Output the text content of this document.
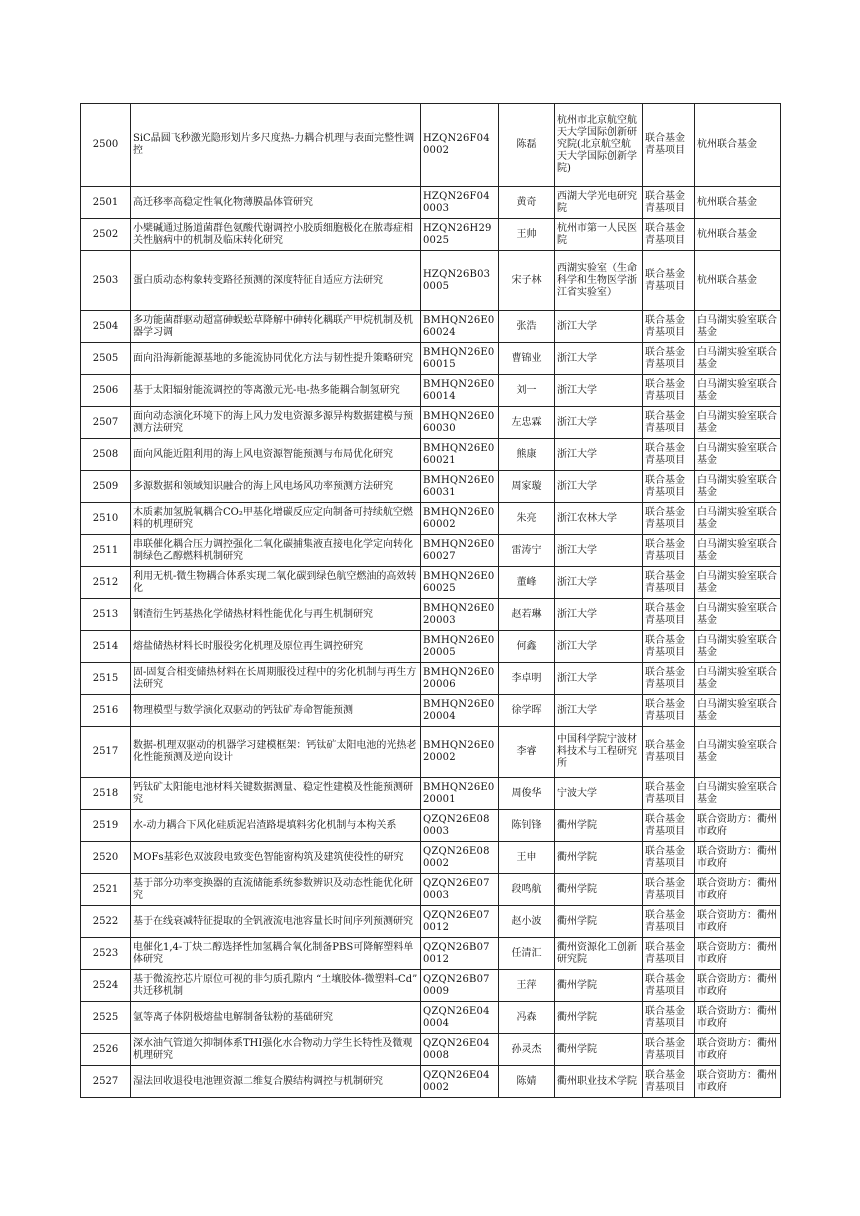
2500	SiC晶圆飞秒激光隐形划片多尺度热-力耦合机理与表面完整性调控	HZQN26F040002	陈磊	杭州市北京航空航天大学国际创新研究院(北京航空航天大学国际创新学院)	联合基金青基项目	杭州联合基金
2501	高迁移率高稳定性氧化物薄膜晶体管研究	HZQN26F040003	黄奇	西湖大学光电研究院	联合基金青基项目	杭州联合基金
2502	小檗碱通过肠道菌群色氨酸代谢调控小胶质细胞极化在脓毒症相关性脑病中的机制及临床转化研究	HZQN26H290025	王帅	杭州市第一人民医院	联合基金青基项目	杭州联合基金
2503	蛋白质动态构象转变路径预测的深度特征自适应方法研究	HZQN26B030005	宋子林	西湖实验室（生命科学和生物医学浙江省实验室）	联合基金青基项目	杭州联合基金
2504	多功能菌群驱动超富砷蜈蚣草降解中砷转化耦联产甲烷机制及机器学习调	BMHQN26E060024	张浩	浙江大学	联合基金青基项目	白马湖实验室联合基金
2505	面向沿海新能源基地的多能流协同优化方法与韧性提升策略研究	BMHQN26E060015	曹锦业	浙江大学	联合基金青基项目	白马湖实验室联合基金
2506	基于太阳辐射能流调控的等离激元光-电-热多能耦合制氢研究	BMHQN26E060014	刘一	浙江大学	联合基金青基项目	白马湖实验室联合基金
2507	面向动态演化环境下的海上风力发电资源多源异构数据建模与预测方法研究	BMHQN26E060030	左忠霖	浙江大学	联合基金青基项目	白马湖实验室联合基金
2508	面向风能近阻利用的海上风电资源智能预测与布局优化研究	BMHQN26E060021	熊康	浙江大学	联合基金青基项目	白马湖实验室联合基金
2509	多源数据和领域知识融合的海上风电场风功率预测方法研究	BMHQN26E060031	周家璇	浙江大学	联合基金青基项目	白马湖实验室联合基金
2510	木质素加氢脱氧耦合CO₂甲基化增碳反应定向制备可持续航空燃料的机理研究	BMHQN26E060002	朱亮	浙江农林大学	联合基金青基项目	白马湖实验室联合基金
2511	串联催化耦合压力调控强化二氧化碳捕集液直接电化学定向转化制绿色乙醇燃料机制研究	BMHQN26E060027	雷涛宁	浙江大学	联合基金青基项目	白马湖实验室联合基金
2512	利用无机-微生物耦合体系实现二氧化碳到绿色航空燃油的高效转化	BMHQN26E060025	董峰	浙江大学	联合基金青基项目	白马湖实验室联合基金
2513	钢渣衍生钙基热化学储热材料性能优化与再生机制研究	BMHQN26E020003	赵若琳	浙江大学	联合基金青基项目	白马湖实验室联合基金
2514	熔盐储热材料长时服役劣化机理及原位再生调控研究	BMHQN26E020005	何鑫	浙江大学	联合基金青基项目	白马湖实验室联合基金
2515	固-固复合相变储热材料在长周期服役过程中的劣化机制与再生方法研究	BMHQN26E020006	李卓明	浙江大学	联合基金青基项目	白马湖实验室联合基金
2516	物理模型与数学演化双驱动的钙钛矿寿命智能预测	BMHQN26E020004	徐学晖	浙江大学	联合基金青基项目	白马湖实验室联合基金
2517	数据-机理双驱动的机器学习建模框架：钙钛矿太阳电池的光热老化性能预测及逆向设计	BMHQN26E020002	李睿	中国科学院宁波材料技术与工程研究所	联合基金青基项目	白马湖实验室联合基金
2518	钙钛矿太阳能电池材料关键数据测量、稳定性建模及性能预测研究	BMHQN26E020001	周俊华	宁波大学	联合基金青基项目	白马湖实验室联合基金
2519	水-动力耦合下风化硅质泥岩渣路堤填料劣化机制与本构关系	QZQN26E080003	陈钊锋	衢州学院	联合基金青基项目	联合资助方：衢州市政府
2520	MOFs基彩色双波段电致变色智能窗构筑及建筑使役性的研究	QZQN26E080002	王申	衢州学院	联合基金青基项目	联合资助方：衢州市政府
2521	基于部分功率变换器的直流储能系统参数辨识及动态性能优化研究	QZQN26E070003	段鸣航	衢州学院	联合基金青基项目	联合资助方：衢州市政府
2522	基于在线衰减特征提取的全钒液流电池容量长时间序列预测研究	QZQN26E070012	赵小波	衢州学院	联合基金青基项目	联合资助方：衢州市政府
2523	电催化1,4-丁炔二醇选择性加氢耦合氧化制备PBS可降解塑料单体研究	QZQN26B070012	任清汇	衢州资源化工创新研究院	联合基金青基项目	联合资助方：衢州市政府
2524	基于微流控芯片原位可视的非匀质孔隙内 “土壤胶体-微塑料-Cd” 共迁移机制	QZQN26B070009	王萍	衢州学院	联合基金青基项目	联合资助方：衢州市政府
2525	氩等离子体阴极熔盐电解制备钛粉的基础研究	QZQN26E040004	冯森	衢州学院	联合基金青基项目	联合资助方：衢州市政府
2526	深水油气管道欠抑制体系THI强化水合物动力学生长特性及微观机理研究	QZQN26E040008	孙灵杰	衢州学院	联合基金青基项目	联合资助方：衢州市政府
2527	湿法回收退役电池锂资源二维复合膜结构调控与机制研究	QZQN26E040002	陈婧	衢州职业技术学院	联合基金青基项目	联合资助方：衢州市政府
